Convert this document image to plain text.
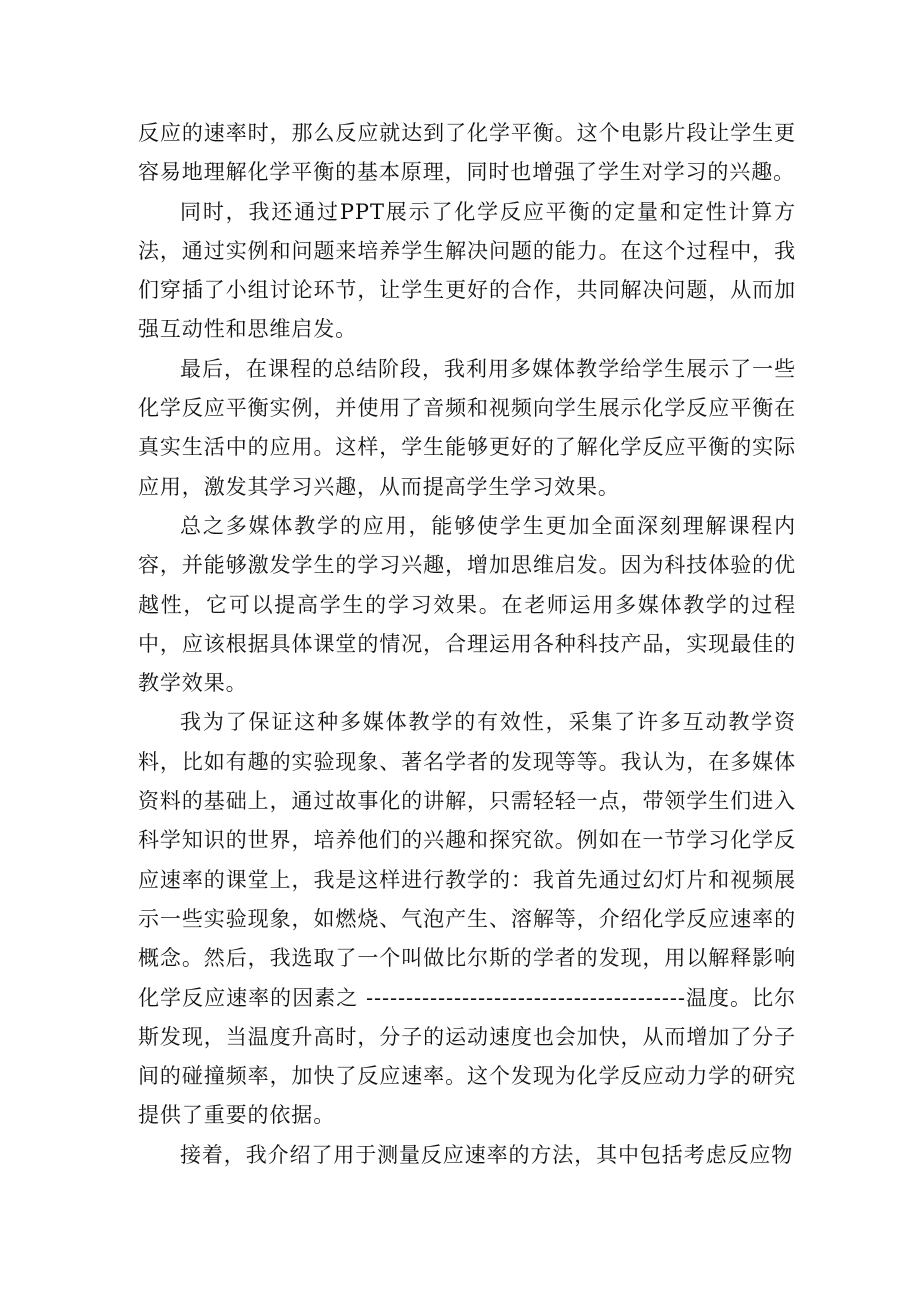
反应的速率时，那么反应就达到了化学平衡。这个电影片段让学生更容易地理解化学平衡的基本原理，同时也增强了学生对学习的兴趣。

同时，我还通过PPT展示了化学反应平衡的定量和定性计算方法，通过实例和问题来培养学生解决问题的能力。在这个过程中，我们穿插了小组讨论环节，让学生更好的合作，共同解决问题，从而加强互动性和思维启发。

最后，在课程的总结阶段，我利用多媒体教学给学生展示了一些化学反应平衡实例，并使用了音频和视频向学生展示化学反应平衡在真实生活中的应用。这样，学生能够更好的了解化学反应平衡的实际应用，激发其学习兴趣，从而提高学生学习效果。

总之多媒体教学的应用，能够使学生更加全面深刻理解课程内容，并能够激发学生的学习兴趣，增加思维启发。因为科技体验的优越性，它可以提高学生的学习效果。在老师运用多媒体教学的过程中，应该根据具体课堂的情况，合理运用各种科技产品，实现最佳的教学效果。

我为了保证这种多媒体教学的有效性，采集了许多互动教学资料，比如有趣的实验现象、著名学者的发现等等。我认为，在多媒体资料的基础上，通过故事化的讲解，只需轻轻一点，带领学生们进入科学知识的世界，培养他们的兴趣和探究欲。例如在一节学习化学反应速率的课堂上，我是这样进行教学的：我首先通过幻灯片和视频展示一些实验现象，如燃烧、气泡产生、溶解等，介绍化学反应速率的概念。然后，我选取了一个叫做比尔斯的学者的发现，用以解释影响化学反应速率的因素之 ----------------------------------------温度。比尔斯发现，当温度升高时，分子的运动速度也会加快，从而增加了分子间的碰撞频率，加快了反应速率。这个发现为化学反应动力学的研究提供了重要的依据。

接着，我介绍了用于测量反应速率的方法，其中包括考虑反应物
